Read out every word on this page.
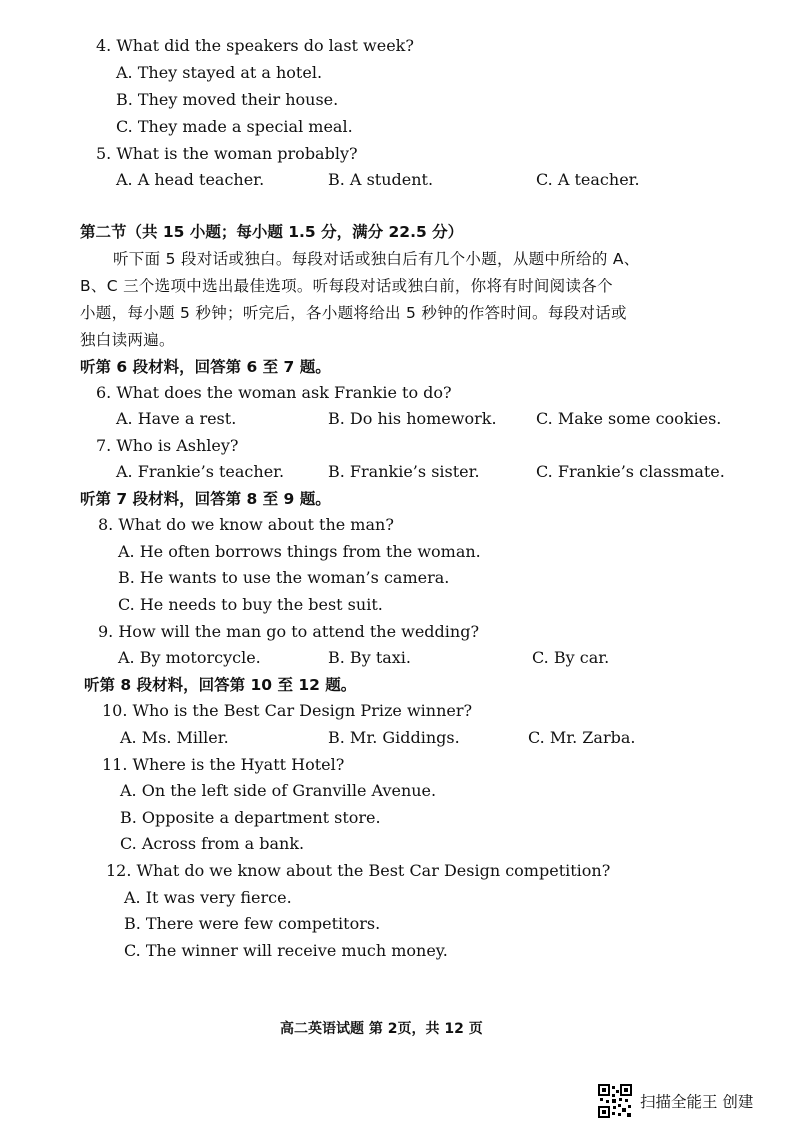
4. What did the speakers do last week?
A. They stayed at a hotel.
B. They moved their house.
C. They made a special meal.
5. What is the woman probably?
A. A head teacher.	B. A student.	C. A teacher.
第二节（共 15 小题；每小题 1.5 分，满分 22.5 分）
听下面 5 段对话或独白。每段对话或独白后有几个小题，从题中所给的 A、
B、C 三个选项中选出最佳选项。听每段对话或独白前，你将有时间阅读各个
小题，每小题 5 秒钟；听完后，各小题将给出 5 秒钟的作答时间。每段对话或
独白读两遍。
听第 6 段材料，回答第 6 至 7 题。
6. What does the woman ask Frankie to do?
A. Have a rest.	B. Do his homework. C. Make some cookies.
7. Who is Ashley?
A. Frankie’s teacher.	B. Frankie’s sister.	C. Frankie’s classmate.
听第 7 段材料，回答第 8 至 9 题。
8. What do we know about the man?
A. He often borrows things from the woman.
B. He wants to use the woman’s camera.
C. He needs to buy the best suit.
9. How will the man go to attend the wedding?
A. By motorcycle.	B. By taxi.	C. By car.
听第 8 段材料，回答第 10 至 12 题。
10. Who is the Best Car Design Prize winner?
A. Ms. Miller.	B. Mr. Giddings.	C. Mr. Zarba.
11. Where is the Hyatt Hotel?
A. On the left side of Granville Avenue.
B. Opposite a department store.
C. Across from a bank.
12. What do we know about the Best Car Design competition?
A. It was very fierce.
B. There were few competitors.
C. The winner will receive much money.
高二英语试题 第 2页，共 12 页
扫描全能王 创建
